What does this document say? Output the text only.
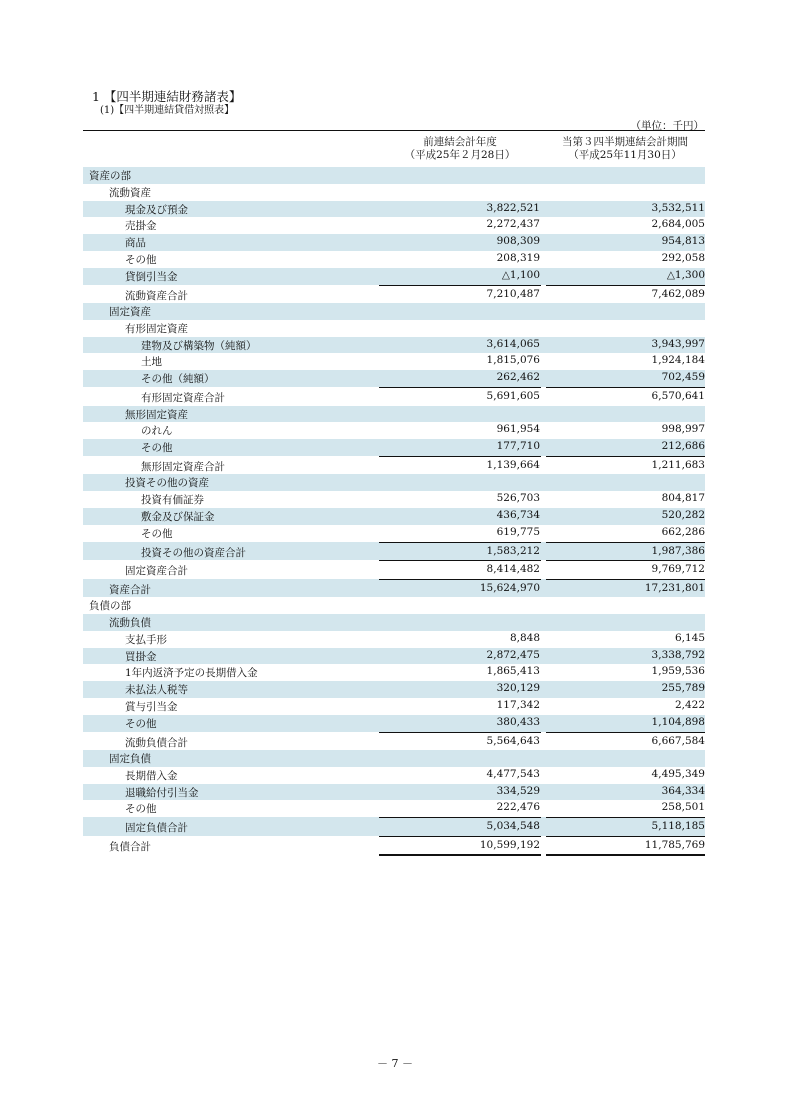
1 【四半期連結財務諸表】
(1)【四半期連結貸借対照表】
（単位：千円）
前連結会計年度
（平成25年２月28日）
当第３四半期連結会計期間
（平成25年11月30日）
資産の部
流動資産
現金及び預金	3,822,521	3,532,511
売掛金	2,272,437	2,684,005
商品	908,309	954,813
その他	208,319	292,058
貸倒引当金	△1,100	△1,300
流動資産合計	7,210,487	7,462,089
固定資産
有形固定資産
建物及び構築物（純額）	3,614,065	3,943,997
土地	1,815,076	1,924,184
その他（純額）	262,462	702,459
有形固定資産合計	5,691,605	6,570,641
無形固定資産
のれん	961,954	998,997
その他	177,710	212,686
無形固定資産合計	1,139,664	1,211,683
投資その他の資産
投資有価証券	526,703	804,817
敷金及び保証金	436,734	520,282
その他	619,775	662,286
投資その他の資産合計	1,583,212	1,987,386
固定資産合計	8,414,482	9,769,712
資産合計	15,624,970	17,231,801
負債の部
流動負債
支払手形	8,848	6,145
買掛金	2,872,475	3,338,792
1年内返済予定の長期借入金	1,865,413	1,959,536
未払法人税等	320,129	255,789
賞与引当金	117,342	2,422
その他	380,433	1,104,898
流動負債合計	5,564,643	6,667,584
固定負債
長期借入金	4,477,543	4,495,349
退職給付引当金	334,529	364,334
その他	222,476	258,501
固定負債合計	5,034,548	5,118,185
負債合計	10,599,192	11,785,769
－ 7 －
